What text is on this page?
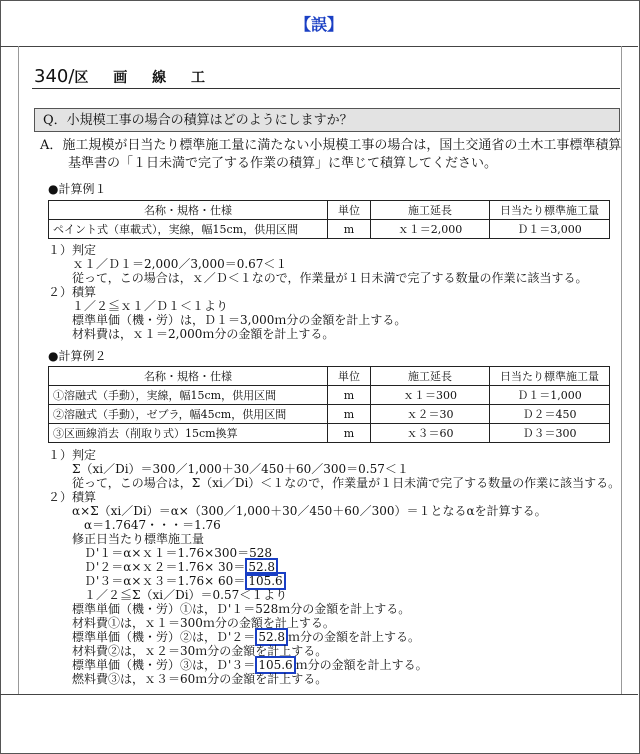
【誤】
340/区 画 線 工
Q．小規模工事の場合の積算はどのようにしますか？
A．施工規模が日当たり標準施工量に満たない小規模工事の場合は，国土交通省の土木工事標準積算
基準書の「１日未満で完了する作業の積算」に準じて積算してください。
●計算例１
名称・規格・仕様	単位	施工延長	日当たり標準施工量
ペイント式（車載式），実線，幅15cm，供用区間	m	ｘ１＝2,000	Ｄ１＝3,000
１）判定
ｘ１／Ｄ１＝2,000／3,000＝0.67＜１
従って，この場合は，ｘ／Ｄ＜１なので，作業量が１日未満で完了する数量の作業に該当する。
２）積算
１／２≦ｘ１／Ｄ１＜１より
標準単価（機・労）は，Ｄ１＝3,000ｍ分の金額を計上する。
材料費は，ｘ１＝2,000ｍ分の金額を計上する。
●計算例２
名称・規格・仕様	単位	施工延長	日当たり標準施工量
①溶融式（手動），実線，幅15cm，供用区間	m	ｘ１＝300	Ｄ１＝1,000
②溶融式（手動），ゼブラ，幅45cm，供用区間	m	ｘ２＝30	Ｄ２＝450
③区画線消去（削取り式）15cm換算	m	ｘ３＝60	Ｄ３＝300
１）判定
Σ（xi／Di）＝300／1,000＋30／450＋60／300＝0.57＜１
従って，この場合は，Σ（xi／Di）＜１なので，作業量が１日未満で完了する数量の作業に該当する。
２）積算
α×Σ（xi／Di）＝α×（300／1,000＋30／450＋60／300）＝１となるαを計算する。
α＝1.7647・・・＝1.76
修正日当たり標準施工量
Ｄ'１＝α×ｘ１＝1.76×300＝528
Ｄ'２＝α×ｘ２＝1.76× 30＝ 52.8
Ｄ'３＝α×ｘ３＝1.76× 60＝ 105.6
１／２≦Σ（xi／Di）＝0.57＜１より
標準単価（機・労）①は，Ｄ'１＝528ｍ分の金額を計上する。
材料費①は，ｘ１＝300ｍ分の金額を計上する。
標準単価（機・労）②は，Ｄ'２＝ 52.8 ｍ分の金額を計上する。
材料費②は，ｘ２＝30ｍ分の金額を計上する。
標準単価（機・労）③は，Ｄ'３＝ 105.6 ｍ分の金額を計上する。
燃料費③は，ｘ３＝60ｍ分の金額を計上する。
